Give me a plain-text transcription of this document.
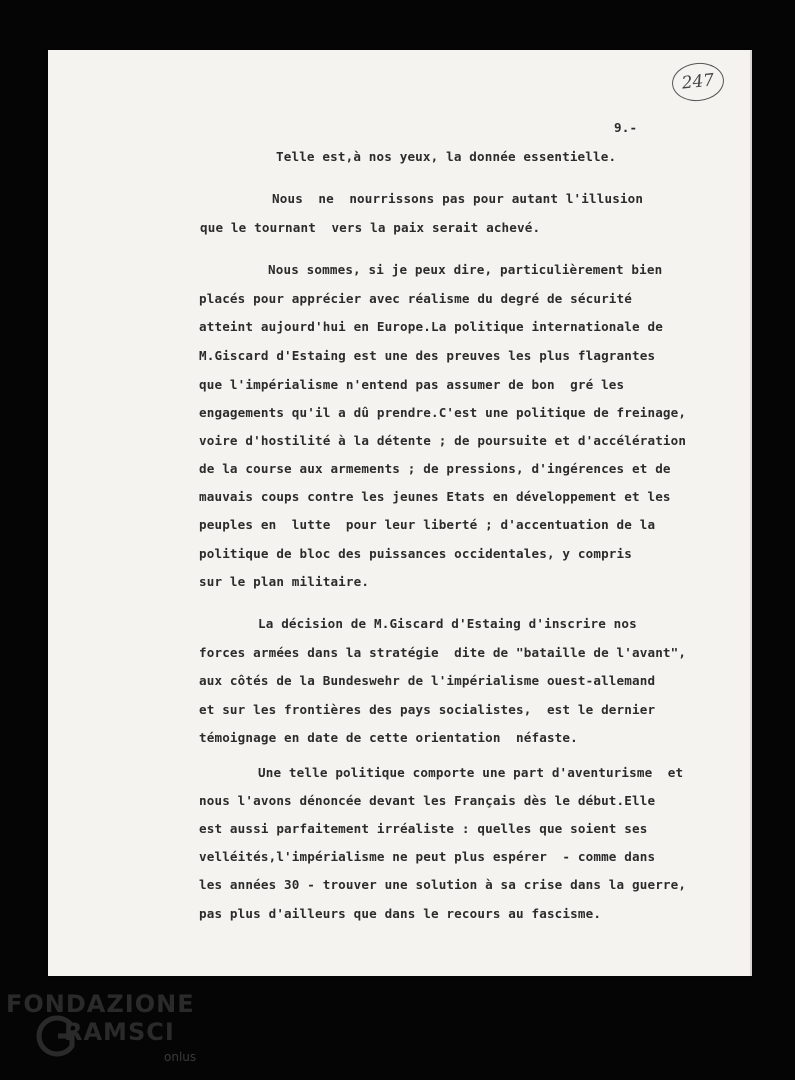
247
9.-
Telle est,à nos yeux, la donnée essentielle.
Nous  ne  nourrissons pas pour autant l'illusion
que le tournant  vers la paix serait achevé.
Nous sommes, si je peux dire, particulièrement bien
placés pour apprécier avec réalisme du degré de sécurité
atteint aujourd'hui en Europe.La politique internationale de
M.Giscard d'Estaing est une des preuves les plus flagrantes
que l'impérialisme n'entend pas assumer de bon  gré les
engagements qu'il a dû prendre.C'est une politique de freinage,
voire d'hostilité à la détente ; de poursuite et d'accélération
de la course aux armements ; de pressions, d'ingérences et de
mauvais coups contre les jeunes Etats en développement et les
peuples en  lutte  pour leur liberté ; d'accentuation de la
politique de bloc des puissances occidentales, y compris
sur le plan militaire.
La décision de M.Giscard d'Estaing d'inscrire nos
forces armées dans la stratégie  dite de "bataille de l'avant",
aux côtés de la Bundeswehr de l'impérialisme ouest-allemand
et sur les frontières des pays socialistes,  est le dernier
témoignage en date de cette orientation  néfaste.
Une telle politique comporte une part d'aventurisme  et
nous l'avons dénoncée devant les Français dès le début.Elle
est aussi parfaitement irréaliste : quelles que soient ses
velléités,l'impérialisme ne peut plus espérer  - comme dans
les années 30 - trouver une solution à sa crise dans la guerre,
pas plus d'ailleurs que dans le recours au fascisme.
FONDAZIONE
RAMSCI
onlus
